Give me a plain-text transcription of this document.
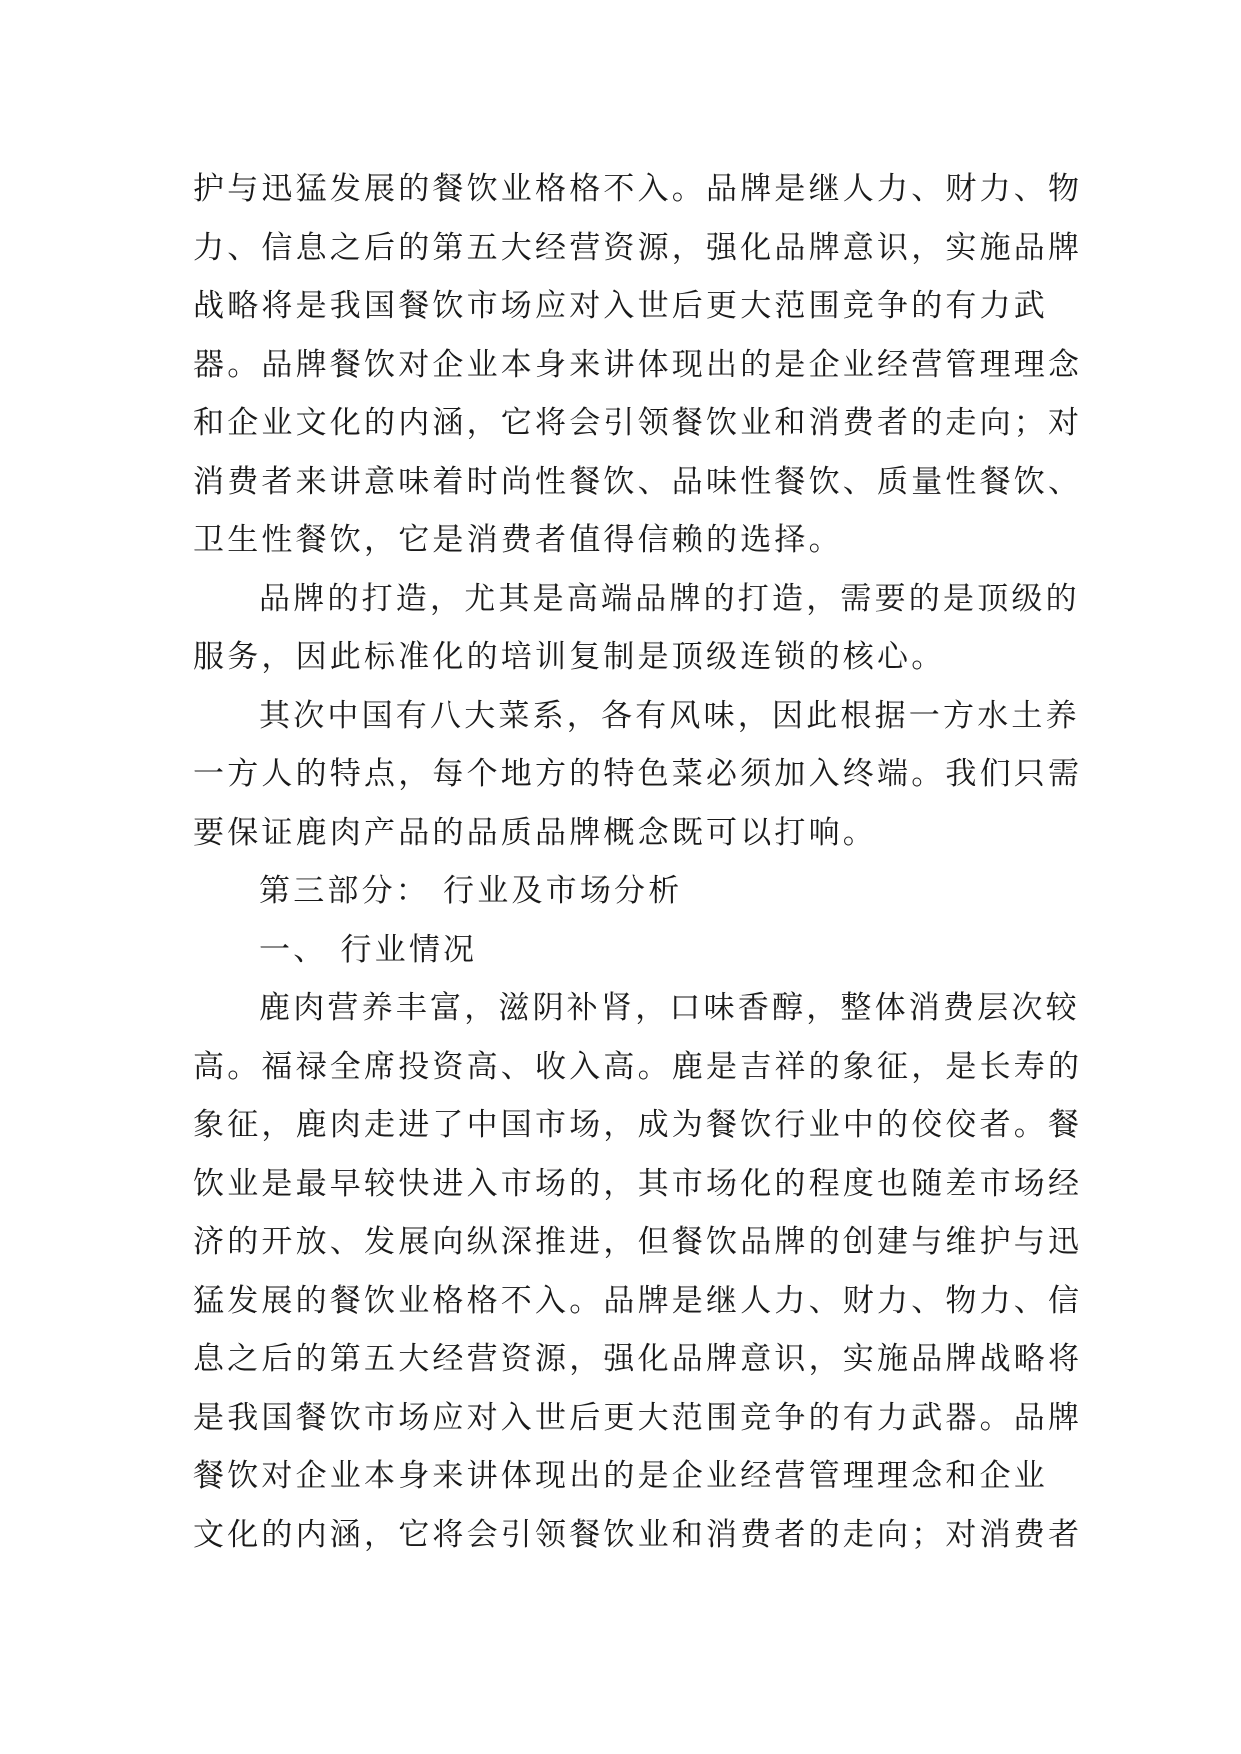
护与迅猛发展的餐饮业格格不入。品牌是继人力、财力、物
力、信息之后的第五大经营资源，强化品牌意识，实施品牌
战略将是我国餐饮市场应对入世后更大范围竞争的有力武
器。品牌餐饮对企业本身来讲体现出的是企业经营管理理念
和企业文化的内涵，它将会引领餐饮业和消费者的走向；对
消费者来讲意味着时尚性餐饮、品味性餐饮、质量性餐饮、
卫生性餐饮，它是消费者值得信赖的选择。
品牌的打造，尤其是高端品牌的打造，需要的是顶级的
服务，因此标准化的培训复制是顶级连锁的核心。
其次中国有八大菜系，各有风味，因此根据一方水土养
一方人的特点，每个地方的特色菜必须加入终端。我们只需
要保证鹿肉产品的品质品牌概念既可以打响。
第三部分： 行业及市场分析
一、 行业情况
鹿肉营养丰富，滋阴补肾，口味香醇，整体消费层次较
高。福禄全席投资高、收入高。鹿是吉祥的象征，是长寿的
象征，鹿肉走进了中国市场，成为餐饮行业中的佼佼者。餐
饮业是最早较快进入市场的，其市场化的程度也随差市场经
济的开放、发展向纵深推进，但餐饮品牌的创建与维护与迅
猛发展的餐饮业格格不入。品牌是继人力、财力、物力、信
息之后的第五大经营资源，强化品牌意识，实施品牌战略将
是我国餐饮市场应对入世后更大范围竞争的有力武器。品牌
餐饮对企业本身来讲体现出的是企业经营管理理念和企业
文化的内涵，它将会引领餐饮业和消费者的走向；对消费者
